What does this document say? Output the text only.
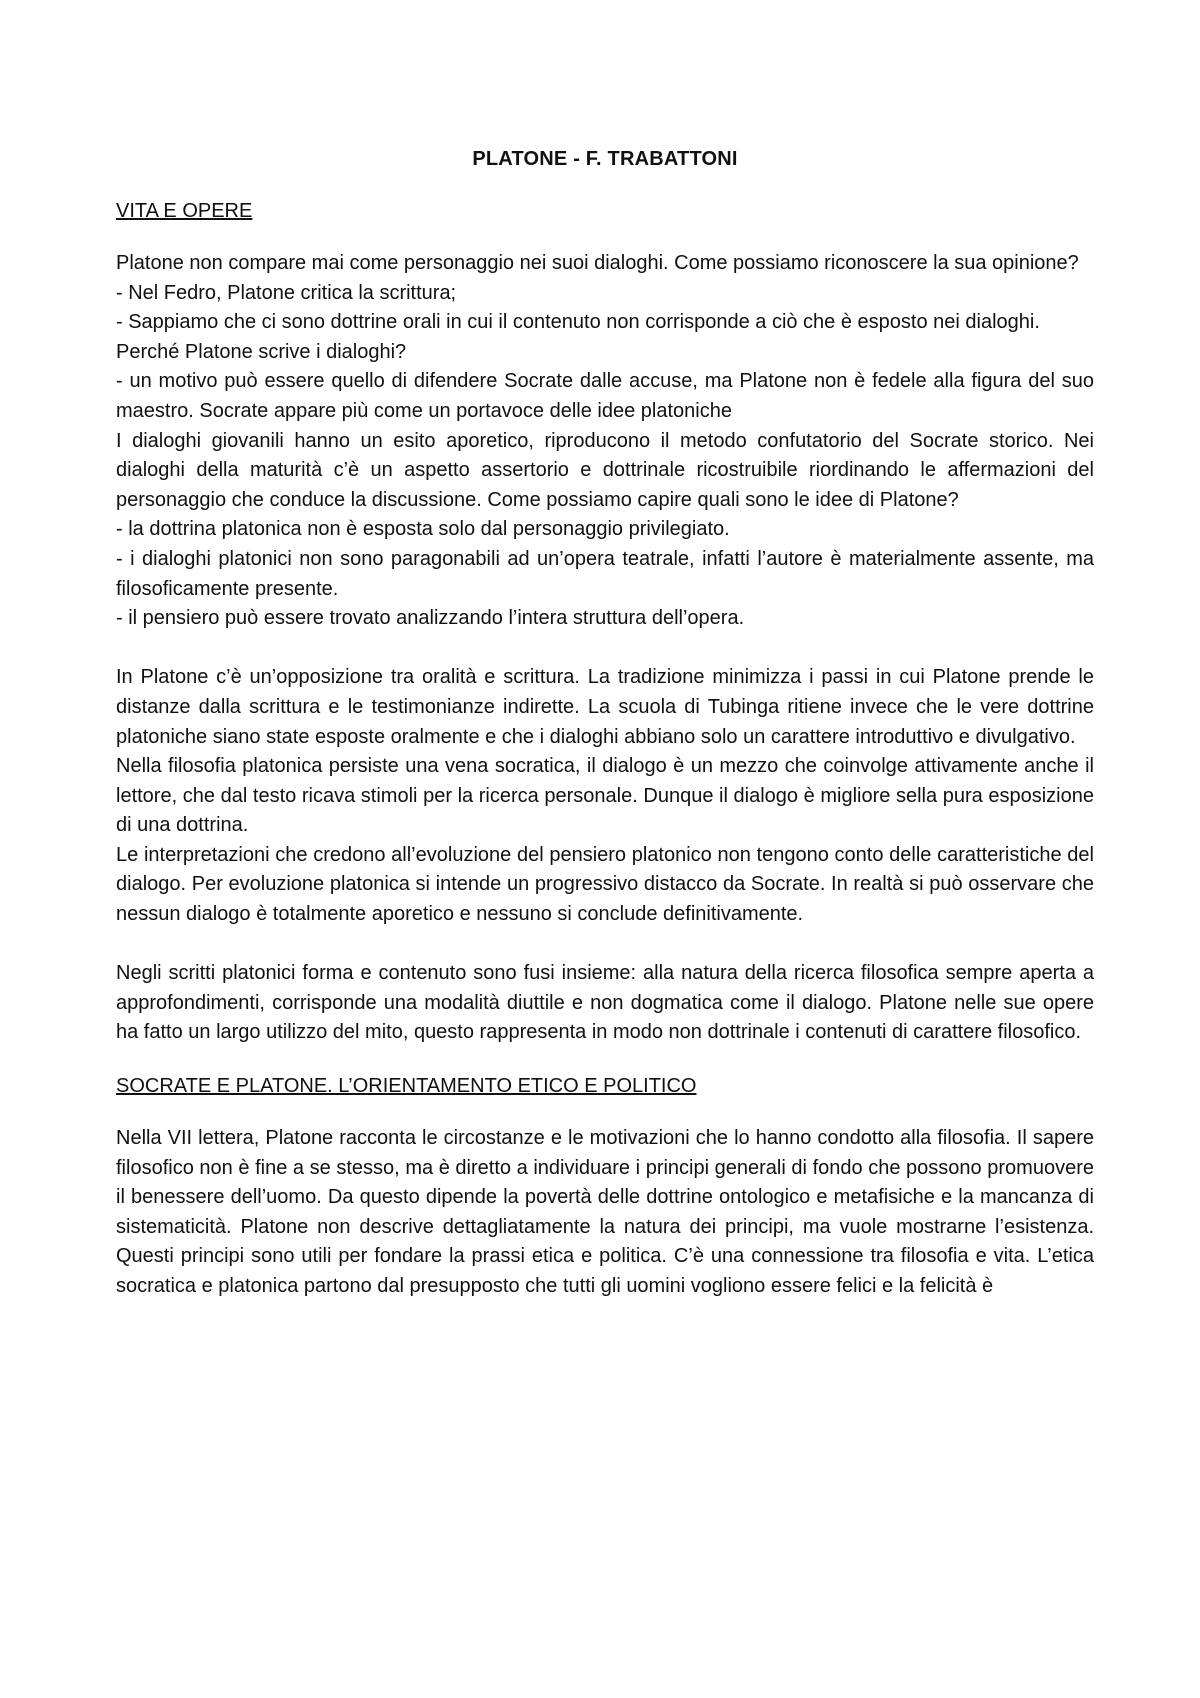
PLATONE - F. TRABATTONI
VITA E OPERE

Platone non compare mai come personaggio nei suoi dialoghi. Come possiamo riconoscere la sua opinione?

- Nel Fedro, Platone critica la scrittura;

- Sappiamo che ci sono dottrine orali in cui il contenuto non corrisponde a ciò che è esposto nei dialoghi.

Perché Platone scrive i dialoghi?

- un motivo può essere quello di difendere Socrate dalle accuse, ma Platone non è fedele alla figura del suo maestro. Socrate appare più come un portavoce delle idee platoniche

I dialoghi giovanili hanno un esito aporetico, riproducono il metodo confutatorio del Socrate storico. Nei dialoghi della maturità c’è un aspetto assertorio e dottrinale ricostruibile riordinando le affermazioni del personaggio che conduce la discussione. Come possiamo capire quali sono le idee di Platone?

- la dottrina platonica non è esposta solo dal personaggio privilegiato.

- i dialoghi platonici non sono paragonabili ad un’opera teatrale, infatti l’autore è materialmente assente, ma filosoficamente presente.

- il pensiero può essere trovato analizzando l’intera struttura dell’opera.

In Platone c’è un’opposizione tra oralità e scrittura. La tradizione minimizza i passi in cui Platone prende le distanze dalla scrittura e le testimonianze indirette. La scuola di Tubinga ritiene invece che le vere dottrine platoniche siano state esposte oralmente e che i dialoghi abbiano solo un carattere introduttivo e divulgativo.

Nella filosofia platonica persiste una vena socratica, il dialogo è un mezzo che coinvolge attivamente anche il lettore, che dal testo ricava stimoli per la ricerca personale. Dunque il dialogo è migliore sella pura esposizione di una dottrina.

Le interpretazioni che credono all’evoluzione del pensiero platonico non tengono conto delle caratteristiche del dialogo. Per evoluzione platonica si intende un progressivo distacco da Socrate. In realtà si può osservare che nessun dialogo è totalmente aporetico e nessuno si conclude definitivamente.

Negli scritti platonici forma e contenuto sono fusi insieme: alla natura della ricerca filosofica sempre aperta a approfondimenti, corrisponde una modalità diuttile e non dogmatica come il dialogo. Platone nelle sue opere ha fatto un largo utilizzo del mito, questo rappresenta in modo non dottrinale i contenuti di carattere filosofico.

SOCRATE E PLATONE. L’ORIENTAMENTO ETICO E POLITICO

Nella VII lettera, Platone racconta le circostanze e le motivazioni che lo hanno condotto alla filosofia. Il sapere filosofico non è fine a se stesso, ma è diretto a individuare i principi generali di fondo che possono promuovere il benessere dell’uomo. Da questo dipende la povertà delle dottrine ontologico e metafisiche e la mancanza di sistematicità. Platone non descrive dettagliatamente la natura dei principi, ma vuole mostrarne l’esistenza. Questi principi sono utili per fondare la prassi etica e politica. C’è una connessione tra filosofia e vita. L’etica socratica e platonica partono dal presupposto che tutti gli uomini vogliono essere felici e la felicità è
